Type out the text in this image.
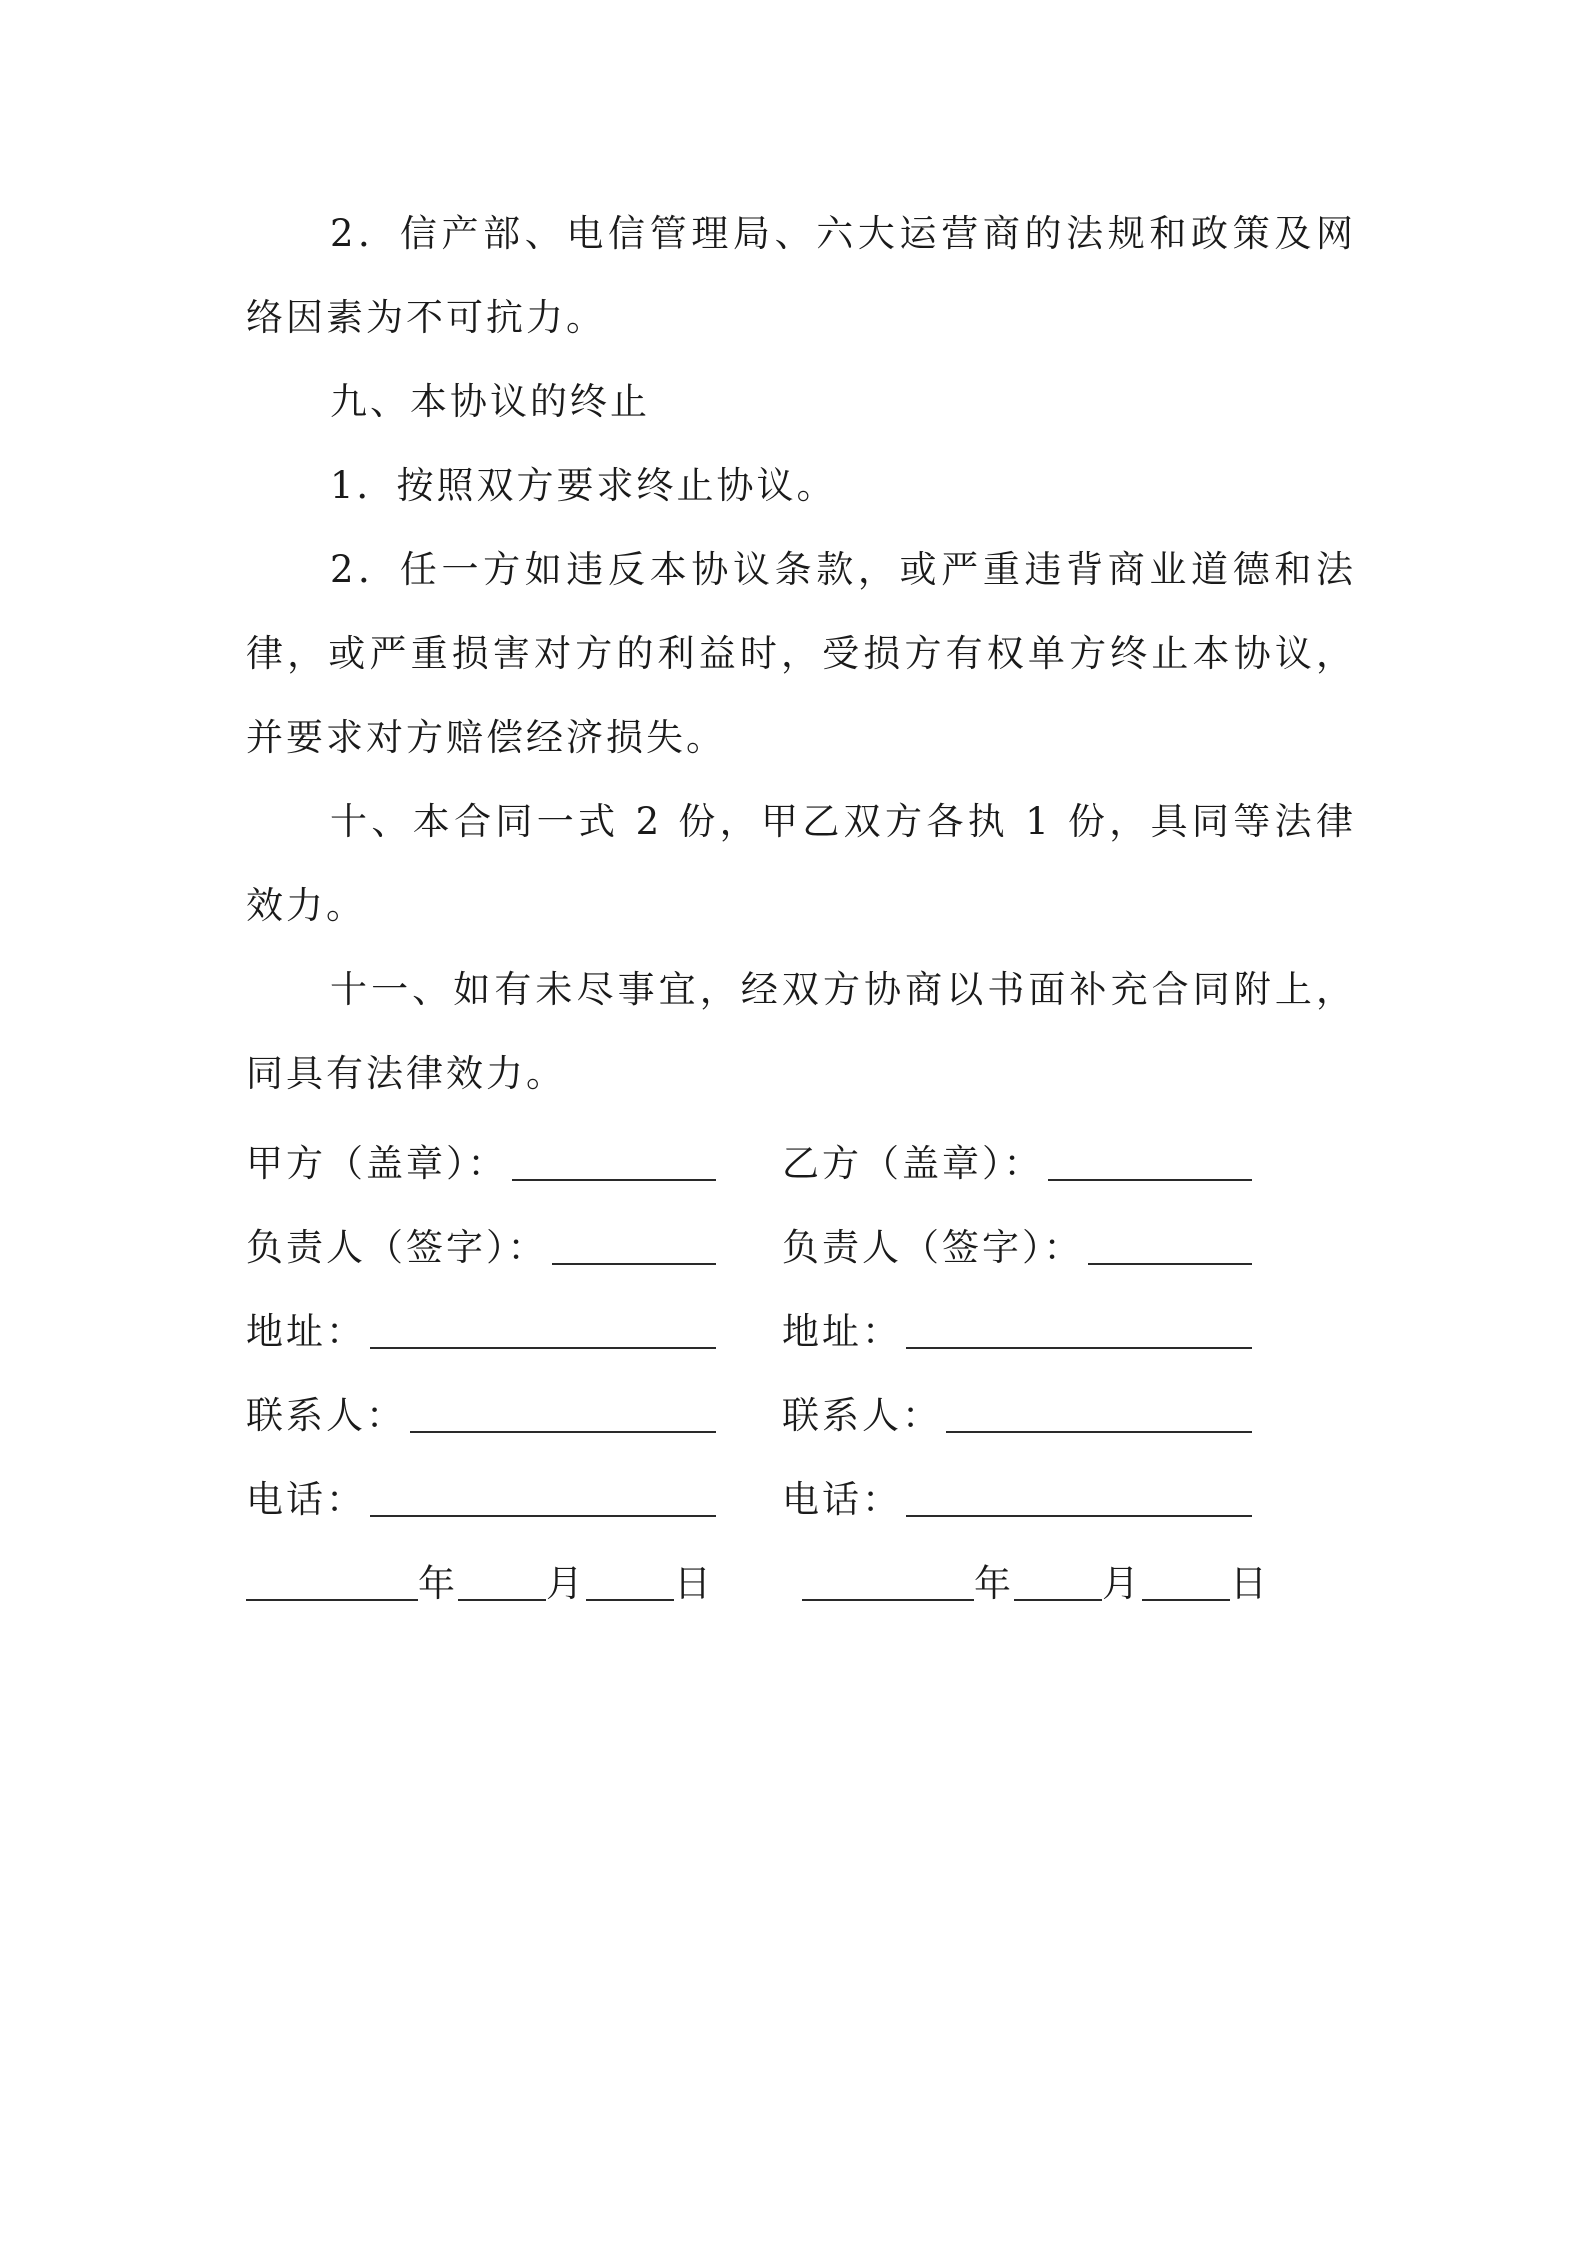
2．信产部、电信管理局、六大运营商的法规和政策及网络因素为不可抗力。

九、本协议的终止

1．按照双方要求终止协议。

2．任一方如违反本协议条款，或严重违背商业道德和法律，或严重损害对方的利益时，受损方有权单方终止本协议，并要求对方赔偿经济损失。

十、本合同一式 2 份，甲乙双方各执 1 份，具同等法律效力。

十一、如有未尽事宜，经双方协商以书面补充合同附上，同具有法律效力。

甲方（盖章）：	乙方（盖章）：
负责人（签字）：	负责人（签字）：
地址：	地址：
联系人：	联系人：
电话：	电话：
年 月 日	年 月 日
